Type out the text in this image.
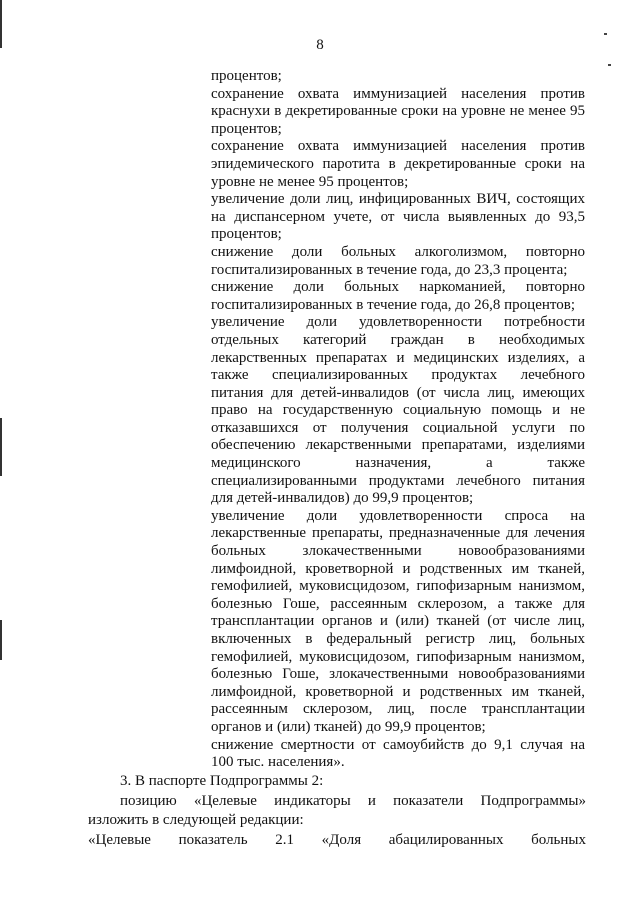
8
процентов;
сохранение охвата иммунизацией населения против
краснухи в декретированные сроки на уровне не менее 95
процентов;
сохранение охвата иммунизацией населения против
эпидемического паротита в декретированные сроки на
уровне не менее 95 процентов;
увеличение доли лиц, инфицированных ВИЧ, состоящих
на диспансерном учете, от числа выявленных до 93,5
процентов;
снижение доли больных алкоголизмом, повторно
госпитализированных в течение года, до 23,3 процента;
снижение доли больных наркоманией, повторно
госпитализированных в течение года, до 26,8 процентов;
увеличение доли удовлетворенности потребности
отдельных категорий граждан в необходимых
лекарственных препаратах и медицинских изделиях, а
также специализированных продуктах лечебного
питания для детей-инвалидов (от числа лиц, имеющих
право на государственную социальную помощь и не
отказавшихся от получения социальной услуги по
обеспечению лекарственными препаратами, изделиями
медицинского назначения, а также
специализированными продуктами лечебного питания
для детей-инвалидов) до 99,9 процентов;
увеличение доли удовлетворенности спроса на
лекарственные препараты, предназначенные для лечения
больных злокачественными новообразованиями
лимфоидной, кроветворной и родственных им тканей,
гемофилией, муковисцидозом, гипофизарным нанизмом,
болезнью Гоше, рассеянным склерозом, а также для
трансплантации органов и (или) тканей (от числе лиц,
включенных в федеральный регистр лиц, больных
гемофилией, муковисцидозом, гипофизарным нанизмом,
болезнью Гоше, злокачественными новообразованиями
лимфоидной, кроветворной и родственных им тканей,
рассеянным склерозом, лиц, после трансплантации
органов и (или) тканей) до 99,9 процентов;
снижение смертности от самоубийств до 9,1 случая на
100 тыс. населения».
3. В паспорте Подпрограммы 2:
позицию «Целевые индикаторы и показатели Подпрограммы»
изложить в следующей редакции:
«Целевые показатель 2.1 «Доля абацилированных больных
